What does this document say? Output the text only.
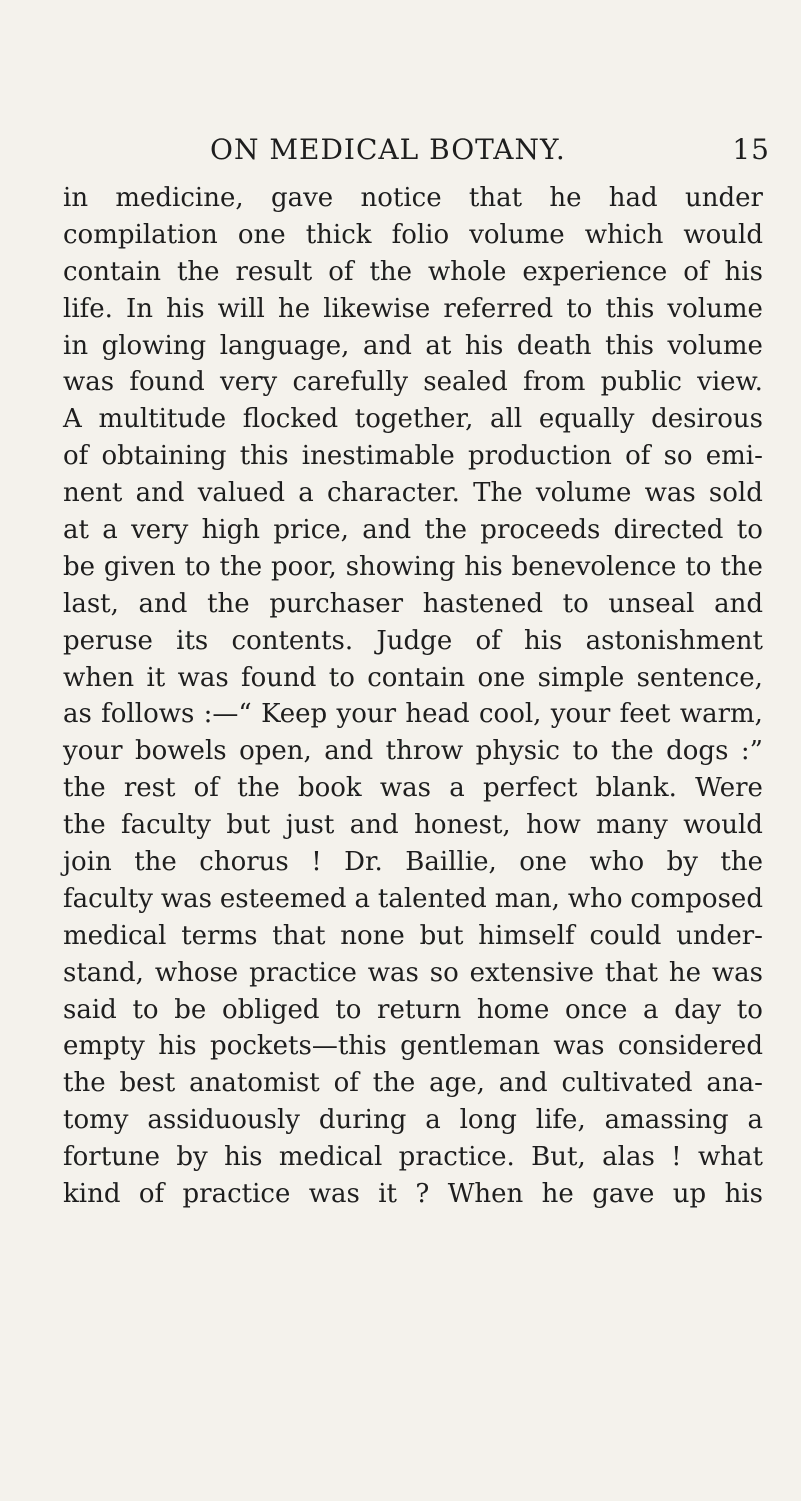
ON MEDICAL BOTANY.	15
in medicine, gave notice that he had under
compilation one thick folio volume which would
contain the result of the whole experience of his
life. In his will he likewise referred to this volume
in glowing language, and at his death this volume
was found very carefully sealed from public view.
A multitude flocked together, all equally desirous
of obtaining this inestimable production of so emi-
nent and valued a character. The volume was sold
at a very high price, and the proceeds directed to
be given to the poor, showing his benevolence to the
last, and the purchaser hastened to unseal and
peruse its contents. Judge of his astonishment
when it was found to contain one simple sentence,
as follows :—“ Keep your head cool, your feet warm,
your bowels open, and throw physic to the dogs :”
the rest of the book was a perfect blank. Were
the faculty but just and honest, how many would
join the chorus ! Dr. Baillie, one who by the
faculty was esteemed a talented man, who composed
medical terms that none but himself could under-
stand, whose practice was so extensive that he was
said to be obliged to return home once a day to
empty his pockets—this gentleman was considered
the best anatomist of the age, and cultivated ana-
tomy assiduously during a long life, amassing a
fortune by his medical practice. But, alas ! what
kind of practice was it ? When he gave up his
